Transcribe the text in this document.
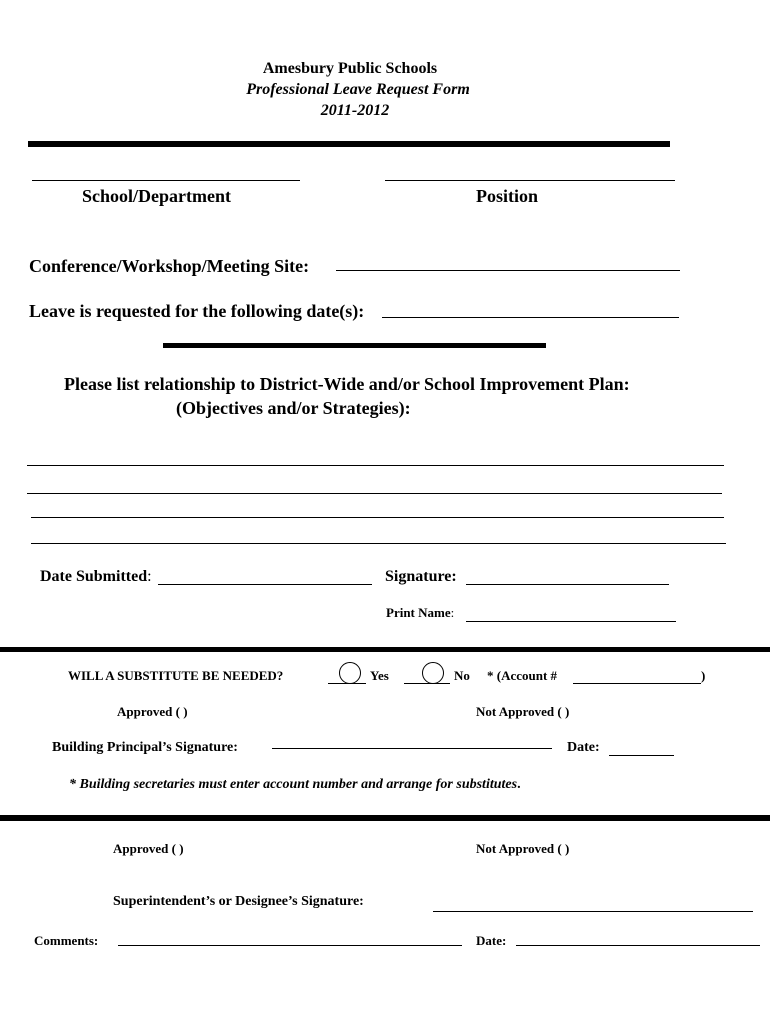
Amesbury Public Schools
Professional Leave Request Form
2011-2012
School/Department	Position
Conference/Workshop/Meeting Site:
Leave is requested for the following date(s):
Please list relationship to District-Wide and/or School Improvement Plan:
(Objectives and/or Strategies):
Date Submitted:	Signature:
Print Name:
WILL A SUBSTITUTE BE NEEDED?	Yes	No * (Account #	)
Approved ( )	Not Approved ( )
Building Principal’s Signature:	Date:
* Building secretaries must enter account number and arrange for substitutes.
Approved ( )	Not Approved ( )
Superintendent’s or Designee’s Signature:
Comments:	Date:
